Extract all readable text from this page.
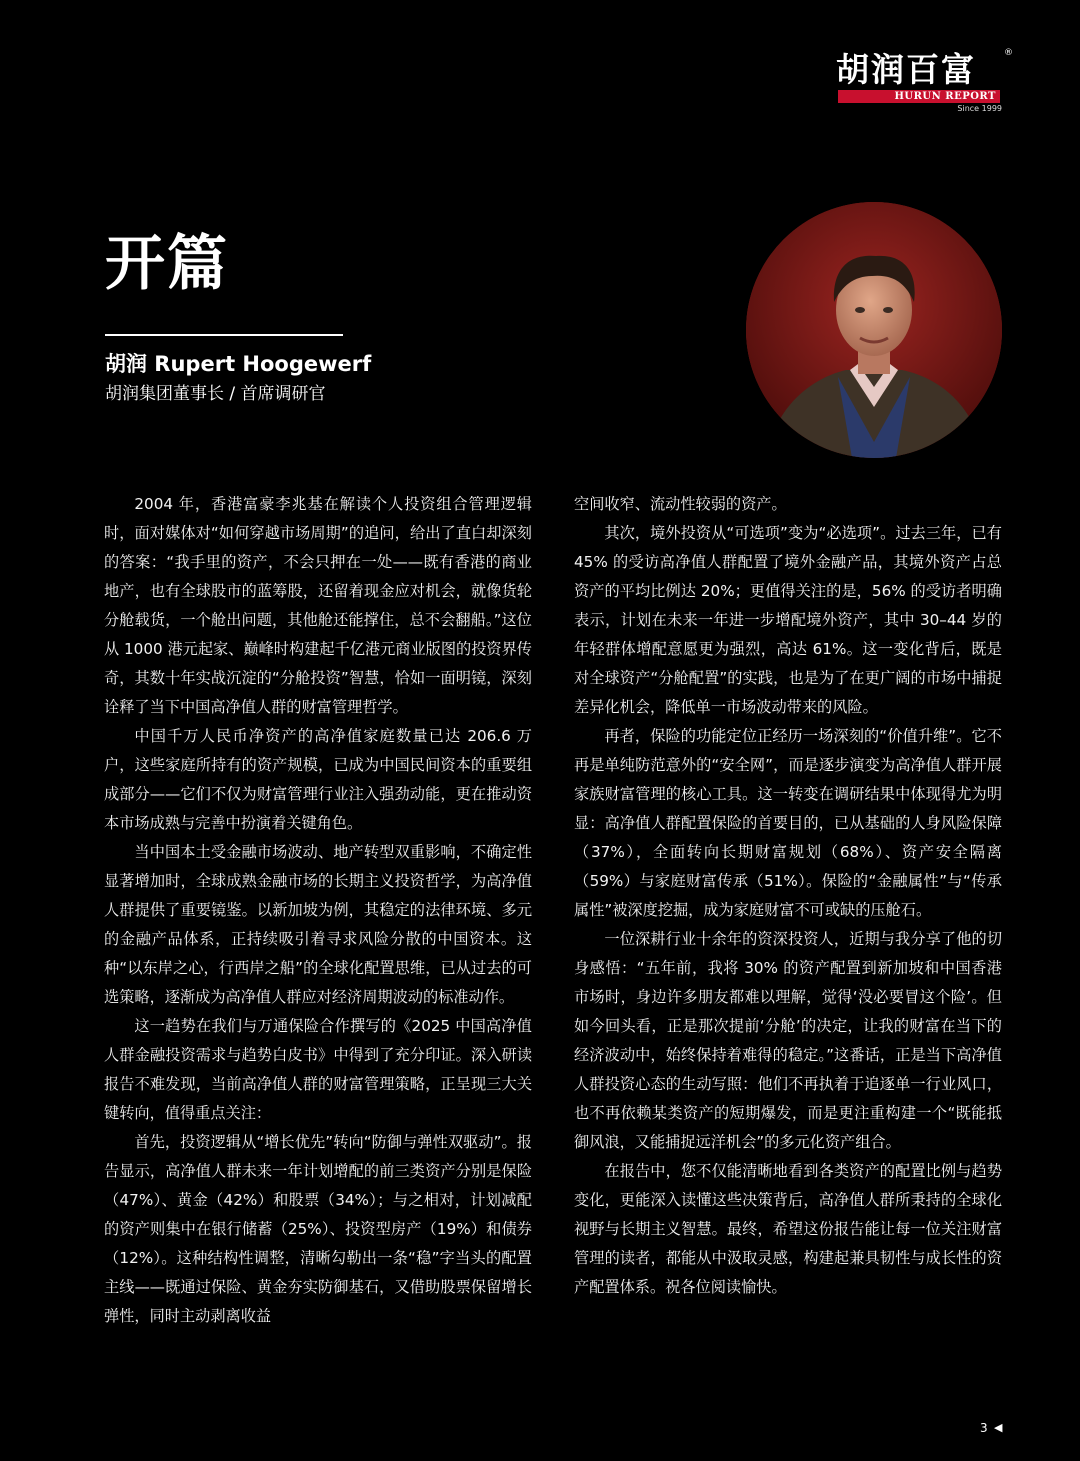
胡润百富	®
HURUN REPORT
Since 1999
开篇
胡润 Rupert Hoogewerf
胡润集团董事长 / 首席调研官

2004 年，香港富豪李兆基在解读个人投资组合管理逻辑时，面对媒体对“如何穿越市场周期”的追问，给出了直白却深刻的答案：“我手里的资产，不会只押在一处——既有香港的商业地产，也有全球股市的蓝筹股，还留着现金应对机会，就像货轮分舱载货，一个舱出问题，其他舱还能撑住，总不会翻船。”这位从 1000 港元起家、巅峰时构建起千亿港元商业版图的投资界传奇，其数十年实战沉淀的“分舱投资”智慧，恰如一面明镜，深刻诠释了当下中国高净值人群的财富管理哲学。

中国千万人民币净资产的高净值家庭数量已达 206.6 万户，这些家庭所持有的资产规模，已成为中国民间资本的重要组成部分——它们不仅为财富管理行业注入强劲动能，更在推动资本市场成熟与完善中扮演着关键角色。

当中国本土受金融市场波动、地产转型双重影响，不确定性显著增加时，全球成熟金融市场的长期主义投资哲学，为高净值人群提供了重要镜鉴。以新加坡为例，其稳定的法律环境、多元的金融产品体系，正持续吸引着寻求风险分散的中国资本。这种“以东岸之心，行西岸之船”的全球化配置思维，已从过去的可选策略，逐渐成为高净值人群应对经济周期波动的标准动作。

这一趋势在我们与万通保险合作撰写的《2025 中国高净值人群金融投资需求与趋势白皮书》中得到了充分印证。深入研读报告不难发现，当前高净值人群的财富管理策略，正呈现三大关键转向，值得重点关注：

首先，投资逻辑从“增长优先”转向“防御与弹性双驱动”。报告显示，高净值人群未来一年计划增配的前三类资产分别是保险（47%）、黄金（42%）和股票（34%）；与之相对，计划减配的资产则集中在银行储蓄（25%）、投资型房产（19%）和债券（12%）。这种结构性调整，清晰勾勒出一条“稳”字当头的配置主线——既通过保险、黄金夯实防御基石，又借助股票保留增长弹性，同时主动剥离收益

空间收窄、流动性较弱的资产。

其次，境外投资从“可选项”变为“必选项”。过去三年，已有 45% 的受访高净值人群配置了境外金融产品，其境外资产占总资产的平均比例达 20%；更值得关注的是，56% 的受访者明确表示，计划在未来一年进一步增配境外资产，其中 30–44 岁的年轻群体增配意愿更为强烈，高达 61%。这一变化背后，既是对全球资产“分舱配置”的实践，也是为了在更广阔的市场中捕捉差异化机会，降低单一市场波动带来的风险。

再者，保险的功能定位正经历一场深刻的“价值升维”。它不再是单纯防范意外的“安全网”，而是逐步演变为高净值人群开展家族财富管理的核心工具。这一转变在调研结果中体现得尤为明显：高净值人群配置保险的首要目的，已从基础的人身风险保障（37%），全面转向长期财富规划（68%）、资产安全隔离（59%）与家庭财富传承（51%）。保险的“金融属性”与“传承属性”被深度挖掘，成为家庭财富不可或缺的压舱石。

一位深耕行业十余年的资深投资人，近期与我分享了他的切身感悟：“五年前，我将 30% 的资产配置到新加坡和中国香港市场时，身边许多朋友都难以理解，觉得‘没必要冒这个险’。但如今回头看，正是那次提前‘分舱’的决定，让我的财富在当下的经济波动中，始终保持着难得的稳定。”这番话，正是当下高净值人群投资心态的生动写照：他们不再执着于追逐单一行业风口，也不再依赖某类资产的短期爆发，而是更注重构建一个“既能抵御风浪，又能捕捉远洋机会”的多元化资产组合。

在报告中，您不仅能清晰地看到各类资产的配置比例与趋势变化，更能深入读懂这些决策背后，高净值人群所秉持的全球化视野与长期主义智慧。最终，希望这份报告能让每一位关注财富管理的读者，都能从中汲取灵感，构建起兼具韧性与成长性的资产配置体系。祝各位阅读愉快。

3 ◀
